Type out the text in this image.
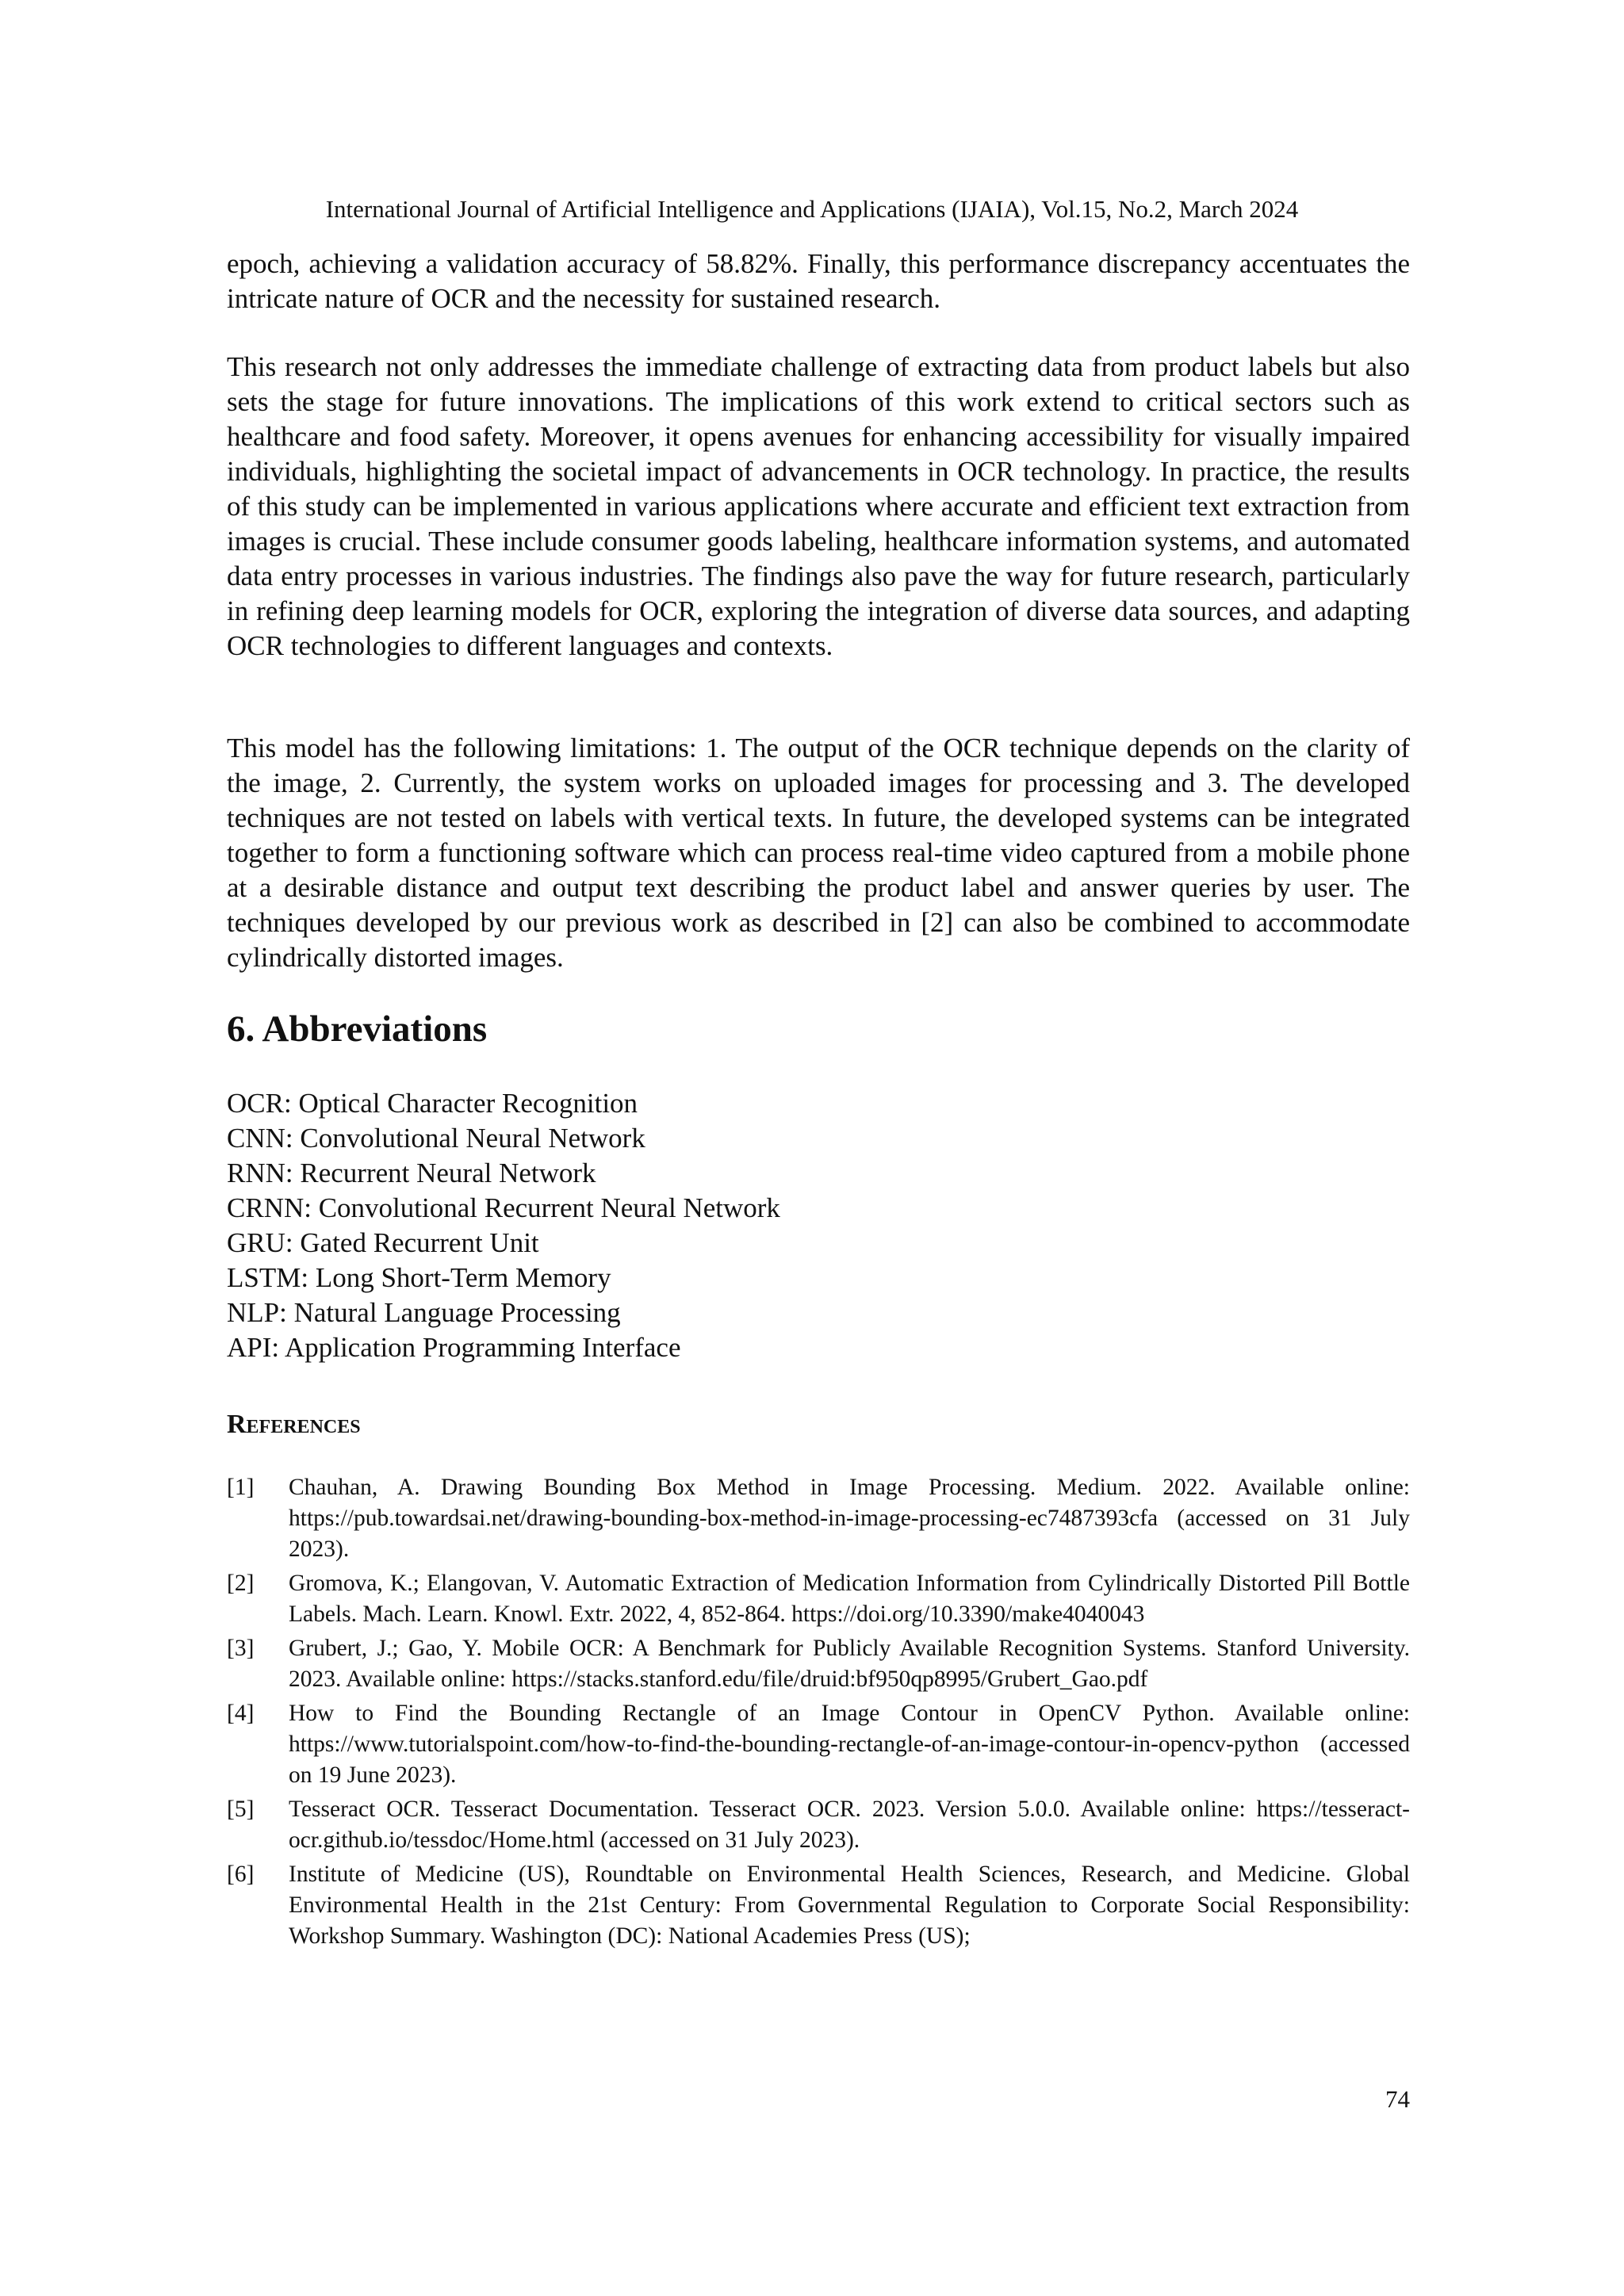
International Journal of Artificial Intelligence and Applications (IJAIA), Vol.15, No.2, March 2024

epoch, achieving a validation accuracy of 58.82%. Finally, this performance discrepancy accentuates the intricate nature of OCR and the necessity for sustained research.

This research not only addresses the immediate challenge of extracting data from product labels but also sets the stage for future innovations. The implications of this work extend to critical sectors such as healthcare and food safety. Moreover, it opens avenues for enhancing accessibility for visually impaired individuals, highlighting the societal impact of advancements in OCR technology. In practice, the results of this study can be implemented in various applications where accurate and efficient text extraction from images is crucial. These include consumer goods labeling, healthcare information systems, and automated data entry processes in various industries. The findings also pave the way for future research, particularly in refining deep learning models for OCR, exploring the integration of diverse data sources, and adapting OCR technologies to different languages and contexts.

This model has the following limitations: 1. The output of the OCR technique depends on the clarity of the image, 2. Currently, the system works on uploaded images for processing and 3. The developed techniques are not tested on labels with vertical texts. In future, the developed systems can be integrated together to form a functioning software which can process real-time video captured from a mobile phone at a desirable distance and output text describing the product label and answer queries by user. The techniques developed by our previous work as described in [2] can also be combined to accommodate cylindrically distorted images.

6. Abbreviations
OCR: Optical Character Recognition
CNN: Convolutional Neural Network
RNN: Recurrent Neural Network
CRNN: Convolutional Recurrent Neural Network
GRU: Gated Recurrent Unit
LSTM: Long Short-Term Memory
NLP: Natural Language Processing
API: Application Programming Interface
References
[1]	Chauhan, A. Drawing Bounding Box Method in Image Processing. Medium. 2022. Available online: https://pub.towardsai.net/drawing-bounding-box-method-in-image-processing-ec7487393cfa (accessed on 31 July 2023).
[2]	Gromova, K.; Elangovan, V. Automatic Extraction of Medication Information from Cylindrically Distorted Pill Bottle Labels. Mach. Learn. Knowl. Extr. 2022, 4, 852-864. https://doi.org/10.3390/make4040043
[3]	Grubert, J.; Gao, Y. Mobile OCR: A Benchmark for Publicly Available Recognition Systems. Stanford University. 2023. Available online: https://stacks.stanford.edu/file/druid:bf950qp8995/Grubert_Gao.pdf
[4]	How to Find the Bounding Rectangle of an Image Contour in OpenCV Python. Available online: https://www.tutorialspoint.com/how-to-find-the-bounding-rectangle-of-an-image-contour-in-opencv-python (accessed on 19 June 2023).
[5]	Tesseract OCR. Tesseract Documentation. Tesseract OCR. 2023. Version 5.0.0. Available online: https://tesseract-ocr.github.io/tessdoc/Home.html (accessed on 31 July 2023).
[6]	Institute of Medicine (US), Roundtable on Environmental Health Sciences, Research, and Medicine. Global Environmental Health in the 21st Century: From Governmental Regulation to Corporate Social Responsibility: Workshop Summary. Washington (DC): National Academies Press (US);
74
